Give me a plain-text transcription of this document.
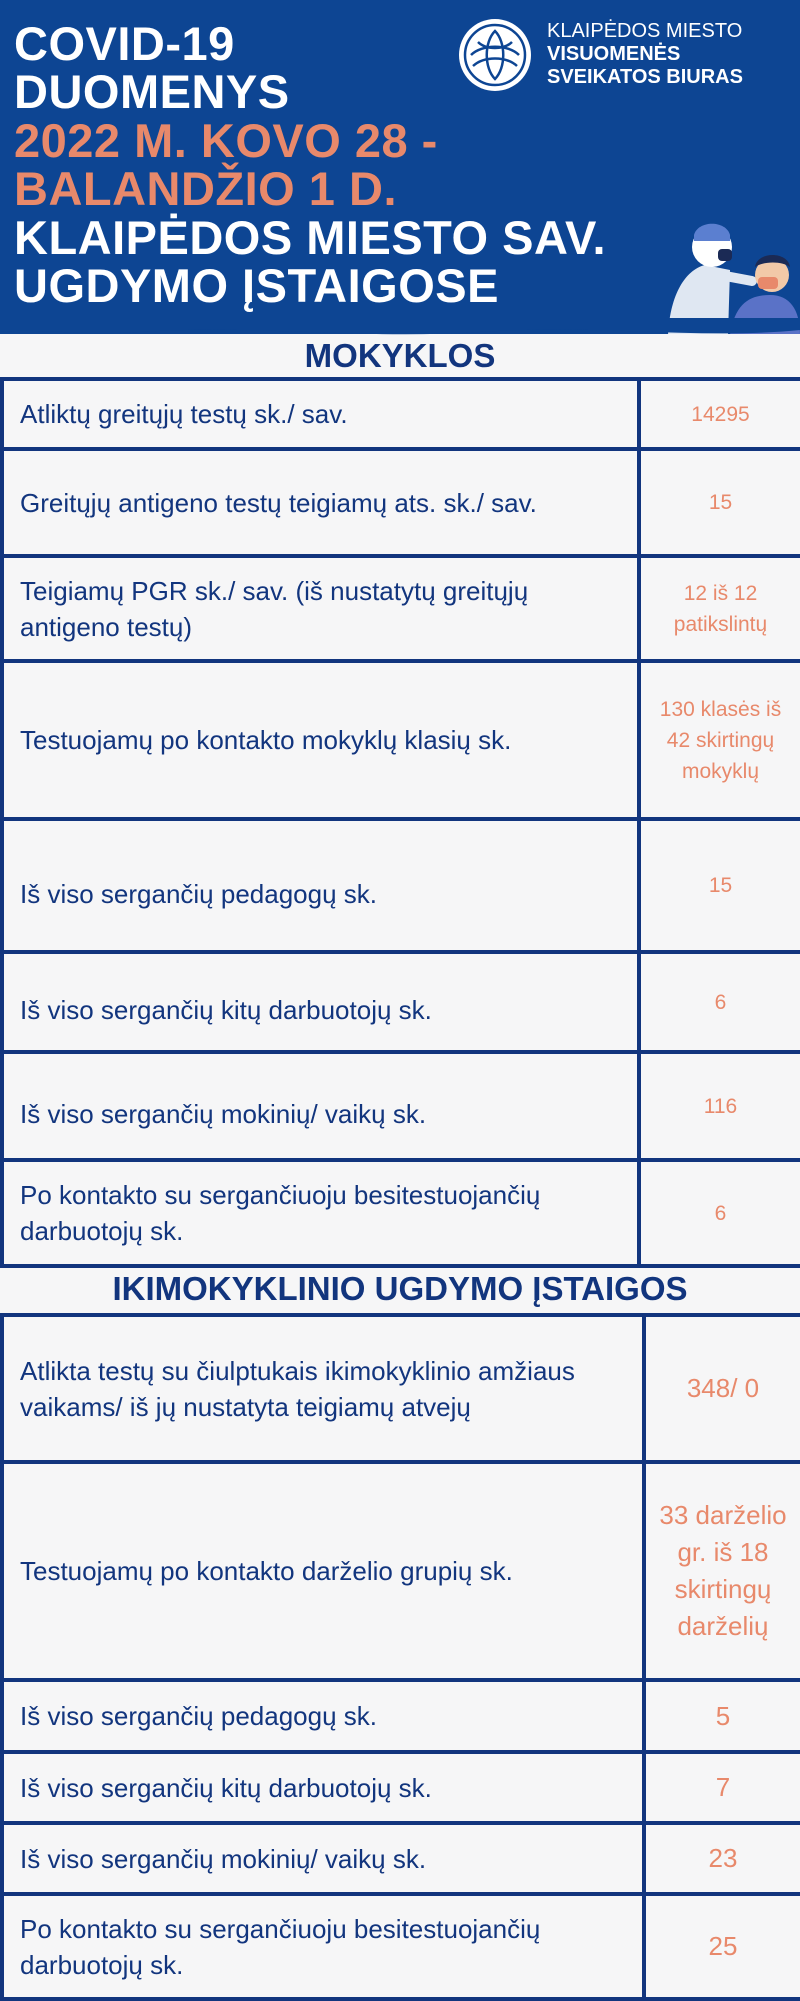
COVID-19
DUOMENYS
2022 M. KOVO 28 -
BALANDŽIO 1 D.
KLAIPĖDOS MIESTO SAV.
UGDYMO ĮSTAIGOSE
KLAIPĖDOS MIESTO
VISUOMENĖS
SVEIKATOS BIURAS
MOKYKLOS
Atliktų greitųjų testų sk./ sav.	14295
Greitųjų antigeno testų teigiamų ats. sk./ sav.	15
Teigiamų PGR sk./ sav. (iš nustatytų greitųjų antigeno testų)	12 iš 12 patikslintų
Testuojamų po kontakto mokyklų klasių sk.	130 klasės iš 42 skirtingų mokyklų
Iš viso sergančių pedagogų sk.	15
Iš viso sergančių kitų darbuotojų sk.	6
Iš viso sergančių mokinių/ vaikų sk.	116
Po kontakto su sergančiuoju besitestuojančių darbuotojų sk.	6
IKIMOKYKLINIO UGDYMO ĮSTAIGOS
Atlikta testų su čiulptukais ikimokyklinio amžiaus vaikams/ iš jų nustatyta teigiamų atvejų	348/ 0
Testuojamų po kontakto darželio grupių sk.	33 darželio gr. iš 18 skirtingų darželių
Iš viso sergančių pedagogų sk.	5
Iš viso sergančių kitų darbuotojų sk.	7
Iš viso sergančių mokinių/ vaikų sk.	23
Po kontakto su sergančiuoju besitestuojančių darbuotojų sk.	25
